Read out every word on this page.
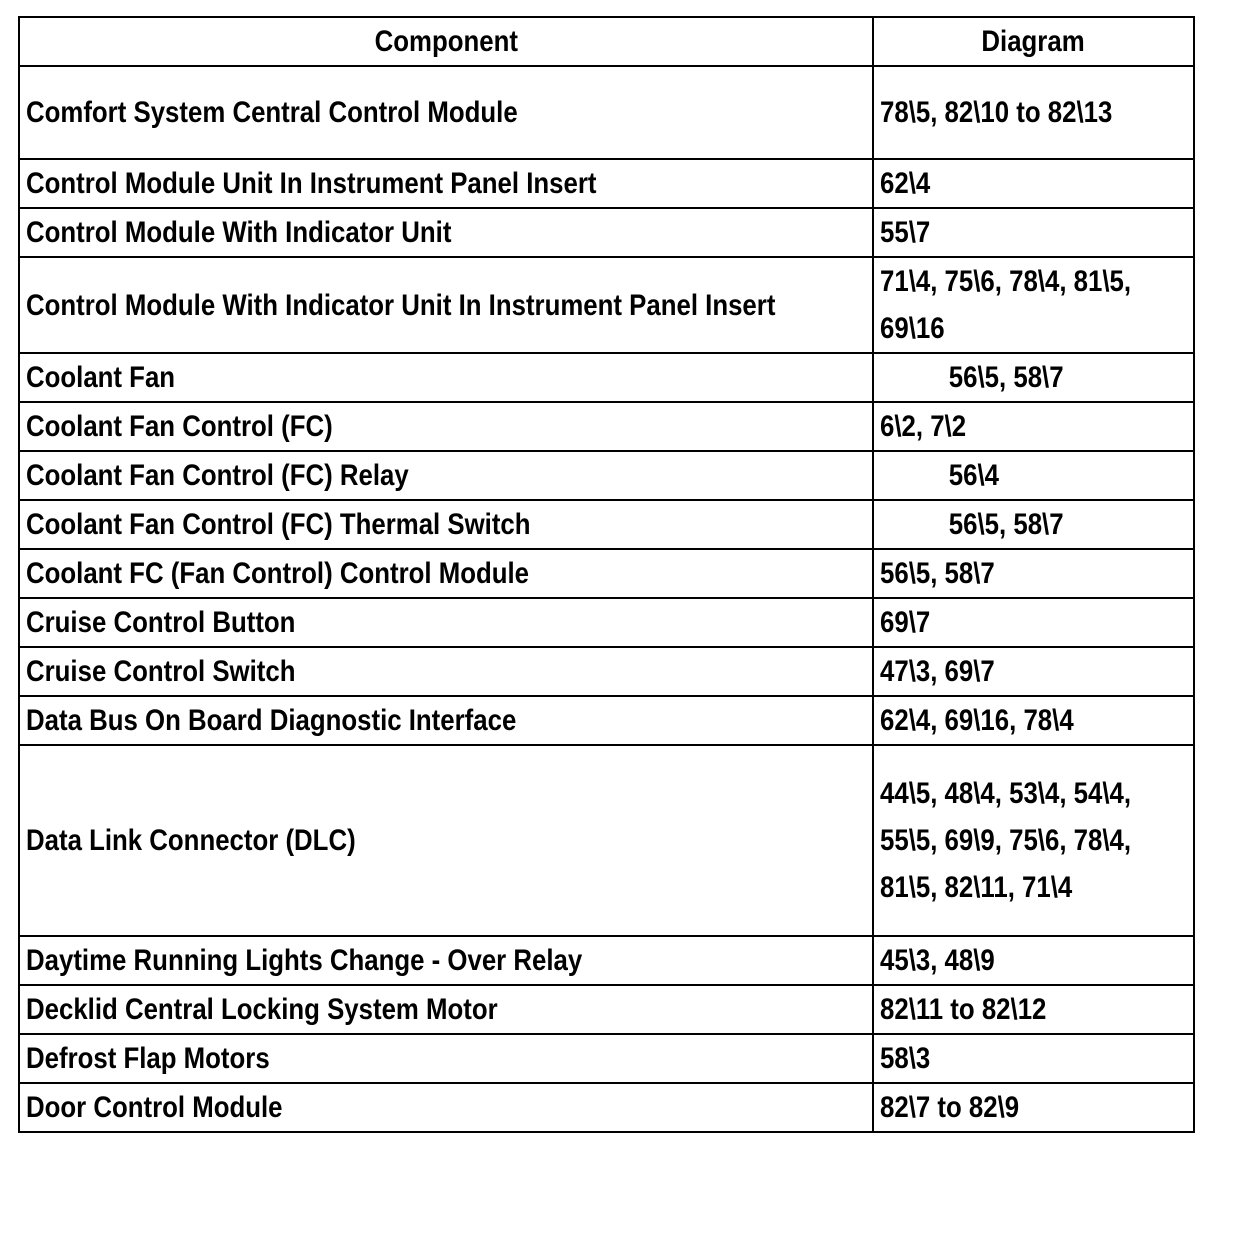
Component	Diagram
Comfort System Central Control Module	78\5, 82\10 to 82\13
Control Module Unit In Instrument Panel Insert	62\4
Control Module With Indicator Unit	55\7

Control Module With Indicator Unit In Instrument Panel Insert	71\4, 75\6, 78\4, 81\5, 69\16

Coolant Fan	56\5, 58\7
Coolant Fan Control (FC)	6\2, 7\2
Coolant Fan Control (FC) Relay	56\4
Coolant Fan Control (FC) Thermal Switch	56\5, 58\7
Coolant FC (Fan Control) Control Module	56\5, 58\7
Cruise Control Button	69\7
Cruise Control Switch	47\3, 69\7
Data Bus On Board Diagnostic Interface	62\4, 69\16, 78\4
Data Link Connector (DLC)	44\5, 48\4, 53\4, 54\4, 55\5, 69\9, 75\6, 78\4, 81\5, 82\11, 71\4

Daytime Running Lights Change - Over Relay	45\3, 48\9
Decklid Central Locking System Motor	82\11 to 82\12
Defrost Flap Motors	58\3
Door Control Module	82\7 to 82\9
